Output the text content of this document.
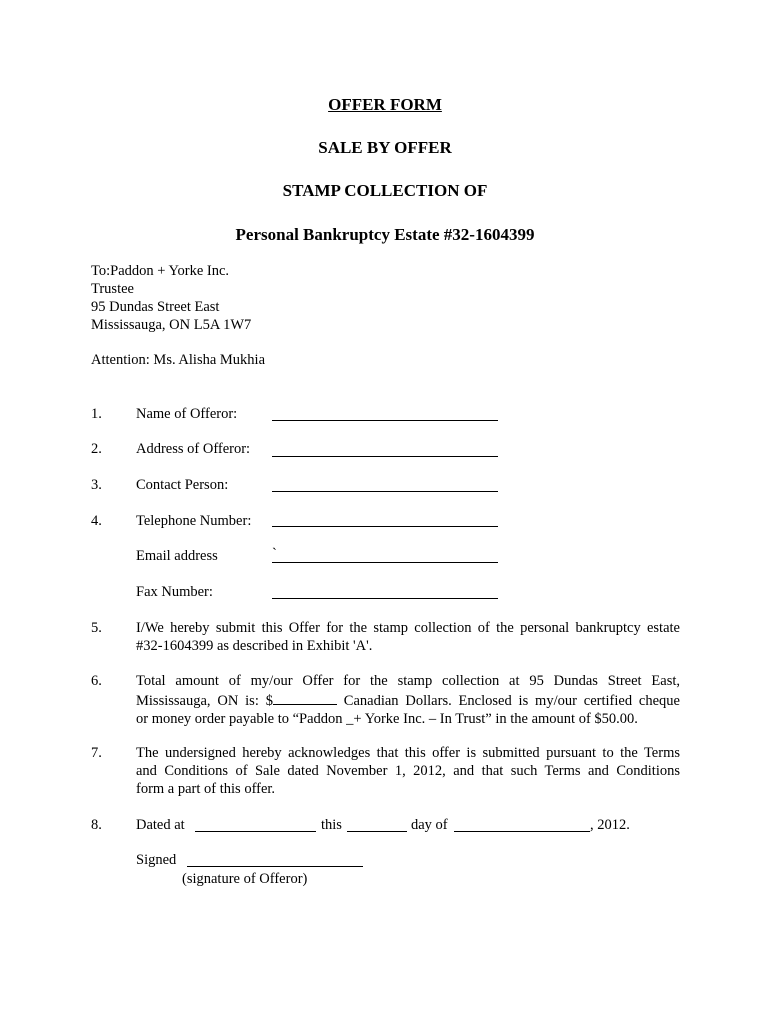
OFFER FORM
SALE BY OFFER
STAMP COLLECTION OF
Personal Bankruptcy Estate #32-1604399
To:Paddon + Yorke Inc.
Trustee
95 Dundas Street East
Mississauga, ON L5A 1W7
Attention: Ms. Alisha Mukhia
1. Name of Offeror:
2. Address of Offeror:
3. Contact Person:
4. Telephone Number:
Email address	`
Fax Number:
5. I/We hereby submit this Offer for the stamp collection of the personal bankruptcy estate
#32-1604399 as described in Exhibit 'A'.
6. Total amount of my/our Offer for the stamp collection at 95 Dundas Street East,
Mississauga, ON is: $	Canadian Dollars. Enclosed is my/our certified cheque
or money order payable to “Paddon _+ Yorke Inc. – In Trust” in the amount of $50.00.
7. The undersigned hereby acknowledges that this offer is submitted pursuant to the Terms
and Conditions of Sale dated November 1, 2012, and that such Terms and Conditions
form a part of this offer.
8. Dated at	this	day of	, 2012.
Signed
(signature of Offeror)
